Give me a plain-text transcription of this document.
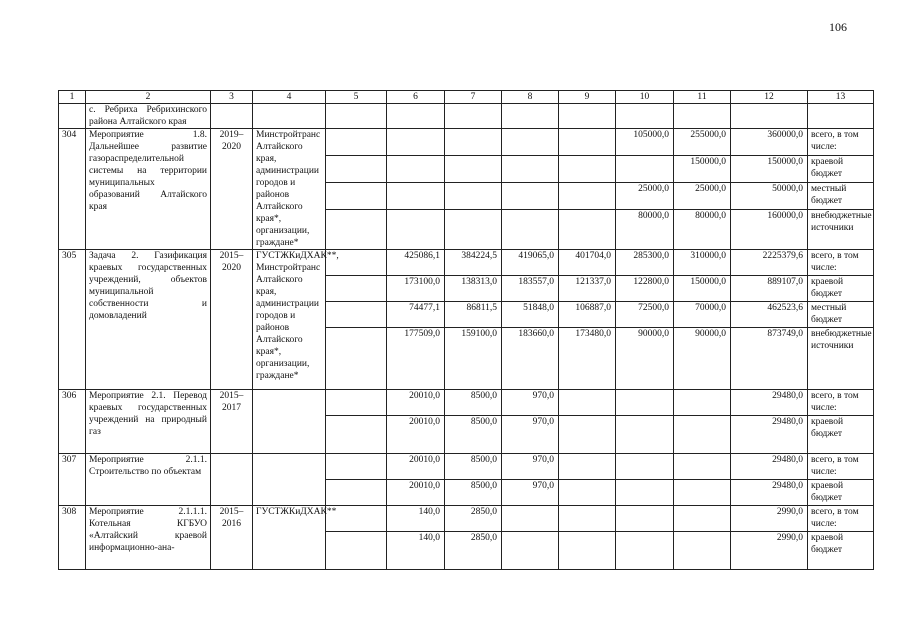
106
1	2	3	4	5	6	7	8	9	10	11	12	13
	с. Ребриха Ребрихинского района Алтайского края											
304	Мероприятие 1.8. Дальнейшее развитие газораспределительной системы на территории муниципальных образований Алтайского края	2019–2020	Минстройтранс Алтайского края, администрации городов и районов Алтайского края*, организации, граждане*						105000,0	255000,0	360000,0	всего, в том числе:
										150000,0	150000,0	краевой бюджет
									25000,0	25000,0	50000,0	местный бюджет
									80000,0	80000,0	160000,0	внебюджетные источники
305	Задача 2. Газификация краевых государственных учреждений, объектов муниципальной собственности и домовладений	2015–2020	ГУСТЖКиДХАК**, Минстройтранс Алтайского края, администрации городов и районов Алтайского края*, организации, граждане*		425086,1	384224,5	419065,0	401704,0	285300,0	310000,0	2225379,6	всего, в том числе:
					173100,0	138313,0	183557,0	121337,0	122800,0	150000,0	889107,0	краевой бюджет
					74477,1	86811,5	51848,0	106887,0	72500,0	70000,0	462523,6	местный бюджет
					177509,0	159100,0	183660,0	173480,0	90000,0	90000,0	873749,0	внебюджетные источники
306	Мероприятие 2.1. Перевод краевых государственных учреждений на природный газ	2015–2017			20010,0	8500,0	970,0				29480,0	всего, в том числе:
					20010,0	8500,0	970,0				29480,0	краевой бюджет
307	Мероприятие 2.1.1. Строительство по объектам				20010,0	8500,0	970,0				29480,0	всего, в том числе:
					20010,0	8500,0	970,0				29480,0	краевой бюджет
308	Мероприятие 2.1.1.1. Котельная КГБУО «Алтайский краевой информационно-ана-	2015–2016	ГУСТЖКиДХАК**		140,0	2850,0					2990,0	всего, в том числе:
					140,0	2850,0					2990,0	краевой бюджет
